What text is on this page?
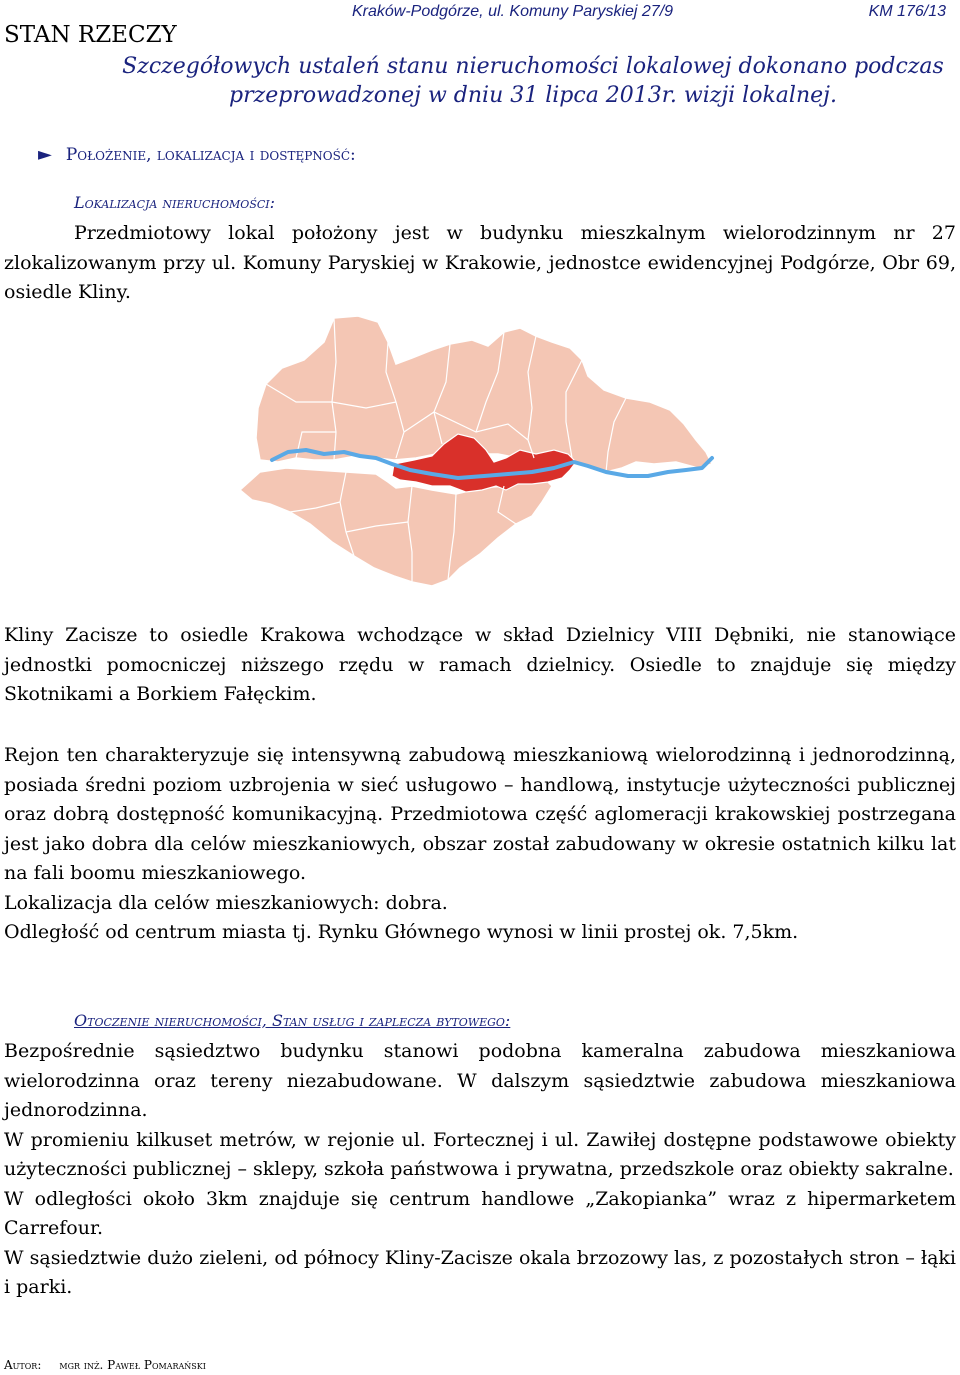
Kraków-Podgórze, ul. Komuny Paryskiej 27/9	KM 176/13
STAN RZECZY
Szczegółowych ustaleń stanu nieruchomości lokalowej dokonano podczas przeprowadzonej w dniu 31 lipca 2013r. wizji lokalnej.
► Położenie, lokalizacja i dostępność:
Lokalizacja nieruchomości:
Przedmiotowy lokal położony jest w budynku mieszkalnym wielorodzinnym nr 27 zlokalizowanym przy ul. Komuny Paryskiej w Krakowie, jednostce ewidencyjnej Podgórze, Obr 69, osiedle Kliny.
Kliny Zacisze to osiedle Krakowa wchodzące w skład Dzielnicy VIII Dębniki, nie stanowiące jednostki pomocniczej niższego rzędu w ramach dzielnicy. Osiedle to znajduje się między Skotnikami a Borkiem Fałęckim.
Rejon ten charakteryzuje się intensywną zabudową mieszkaniową wielorodzinną i jednorodzinną, posiada średni poziom uzbrojenia w sieć usługowo – handlową, instytucje użyteczności publicznej oraz dobrą dostępność komunikacyjną. Przedmiotowa część aglomeracji krakowskiej postrzegana jest jako dobra dla celów mieszkaniowych, obszar został zabudowany w okresie ostatnich kilku lat na fali boomu mieszkaniowego.
Lokalizacja dla celów mieszkaniowych: dobra.
Odległość od centrum miasta tj. Rynku Głównego wynosi w linii prostej ok. 7,5km.
Otoczenie nieruchomości, Stan usług i zaplecza bytowego:
Bezpośrednie sąsiedztwo budynku stanowi podobna kameralna zabudowa mieszkaniowa wielorodzinna oraz tereny niezabudowane. W dalszym sąsiedztwie zabudowa mieszkaniowa jednorodzinna.
W promieniu kilkuset metrów, w rejonie ul. Fortecznej i ul. Zawiłej dostępne podstawowe obiekty użyteczności publicznej – sklepy, szkoła państwowa i prywatna, przedszkole oraz obiekty sakralne.
W odległości około 3km znajduje się centrum handlowe „Zakopianka” wraz z hipermarketem Carrefour.
W sąsiedztwie dużo zieleni, od północy Kliny-Zacisze okala brzozowy las, z pozostałych stron – łąki i parki.
Autor: mgr inż. Paweł Pomarański
